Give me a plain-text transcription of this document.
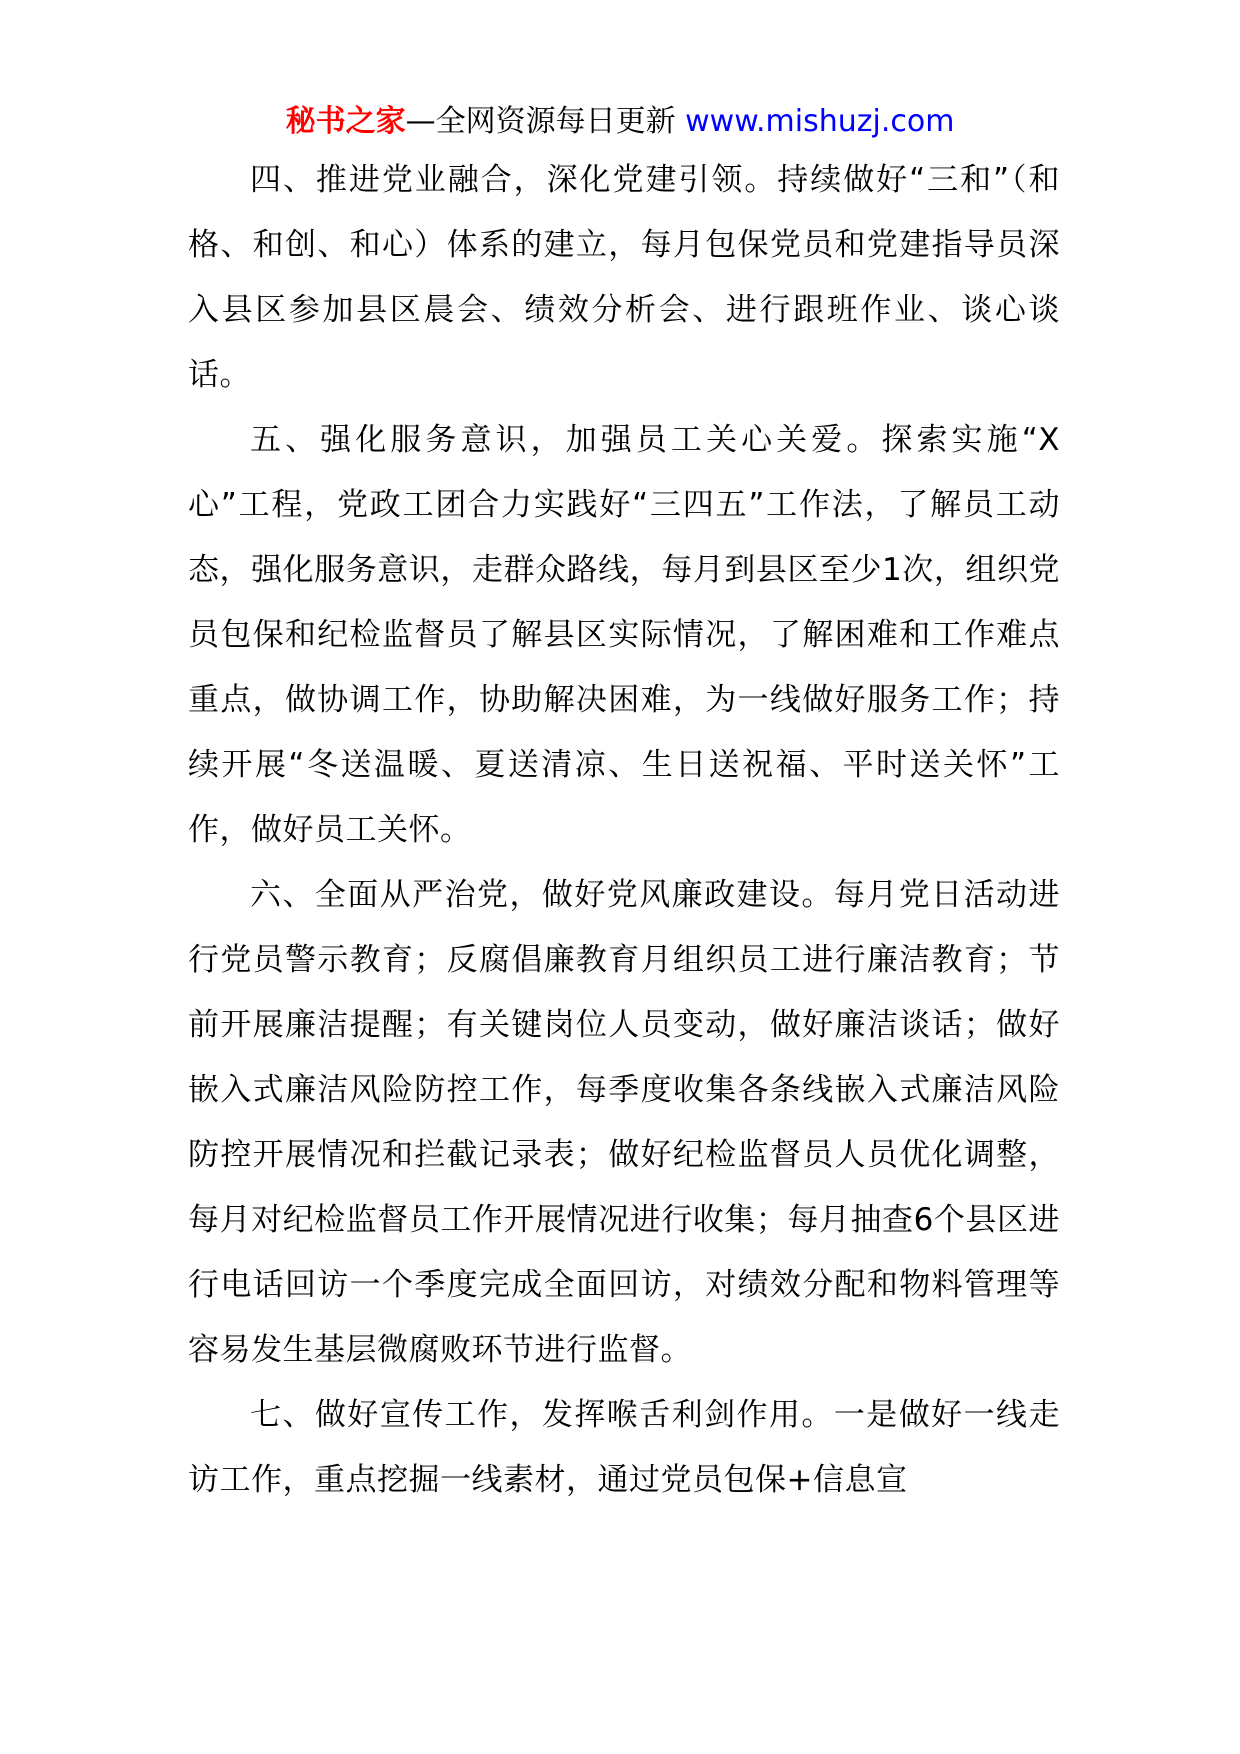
秘书之家—全网资源每日更新 www.mishuzj.com

四、推进党业融合，深化党建引领。持续做好“三和”（和格、和创、和心）体系的建立，每月包保党员和党建指导员深入县区参加县区晨会、绩效分析会、进行跟班作业、谈心谈话。

五、强化服务意识，加强员工关心关爱。探索实施“X心”工程，党政工团合力实践好“三四五”工作法，了解员工动态，强化服务意识，走群众路线，每月到县区至少1次，组织党员包保和纪检监督员了解县区实际情况，了解困难和工作难点重点，做协调工作，协助解决困难，为一线做好服务工作；持续开展“冬送温暖、夏送清凉、生日送祝福、平时送关怀”工作，做好员工关怀。

六、全面从严治党，做好党风廉政建设。每月党日活动进行党员警示教育；反腐倡廉教育月组织员工进行廉洁教育；节前开展廉洁提醒；有关键岗位人员变动，做好廉洁谈话；做好嵌入式廉洁风险防控工作，每季度收集各条线嵌入式廉洁风险防控开展情况和拦截记录表；做好纪检监督员人员优化调整，每月对纪检监督员工作开展情况进行收集；每月抽查6个县区进行电话回访一个季度完成全面回访，对绩效分配和物料管理等容易发生基层微腐败环节进行监督。

七、做好宣传工作，发挥喉舌利剑作用。一是做好一线走访工作，重点挖掘一线素材，通过党员包保+信息宣
